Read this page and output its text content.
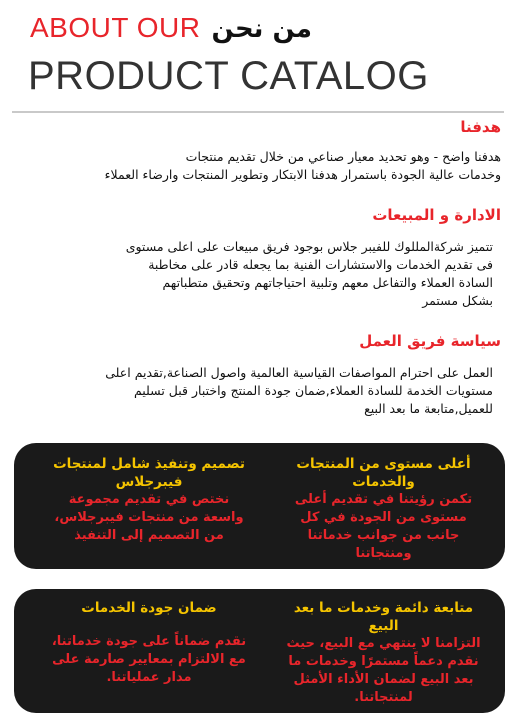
ABOUT OUR من نحن
PRODUCT CATALOG
هدفنا
هدفنا واضح - وهو تحديد معيار صناعي من خلال تقديم منتجات
وخدمات عالية الجودة باستمرار هدفنا الابتكار وتطوير المنتجات وارضاء العملاء
الادارة و المبيعات
تتميز شركةالمللوك للفيبر جلاس بوجود فريق مبيعات على اعلى مستوى
فى تقديم الخدمات والاستشارات الفنية بما يجعله قادر على مخاطبة
السادة العملاء والتفاعل معهم وتلبية احتياجاتهم وتحقيق متطباتهم
بشكل مستمر
سياسة فريق العمل
العمل على احترام المواصفات القياسية العالمية واصول الصناعة,تقديم اعلى
مستويات الخدمة للسادة العملاء,ضمان جودة المنتج واختبار قبل تسليم
للعميل,متابعة ما بعد البيع
أعلى مستوى من المنتجات
والخدمات
تكمن رؤيتنا في تقديم أعلى
مستوى من الجودة في كل
جانب من جوانب خدماتنا
ومنتجاتنا
تصميم وتنفيذ شامل لمنتجات
فيبرجلاس
نختص في تقديم مجموعة
واسعة من منتجات فيبرجلاس،
من التصميم إلى التنفيذ
متابعة دائمة وخدمات ما بعد
البيع
التزامنا لا ينتهي مع البيع، حيث
نقدم دعماً مستمرًا وخدمات ما
بعد البيع لضمان الأداء الأمثل
لمنتجاتنا.
ضمان جودة الخدمات
نقدم ضماناً على جودة خدماتنا،
مع الالتزام بمعايير صارمة على
مدار عملياتنا.
